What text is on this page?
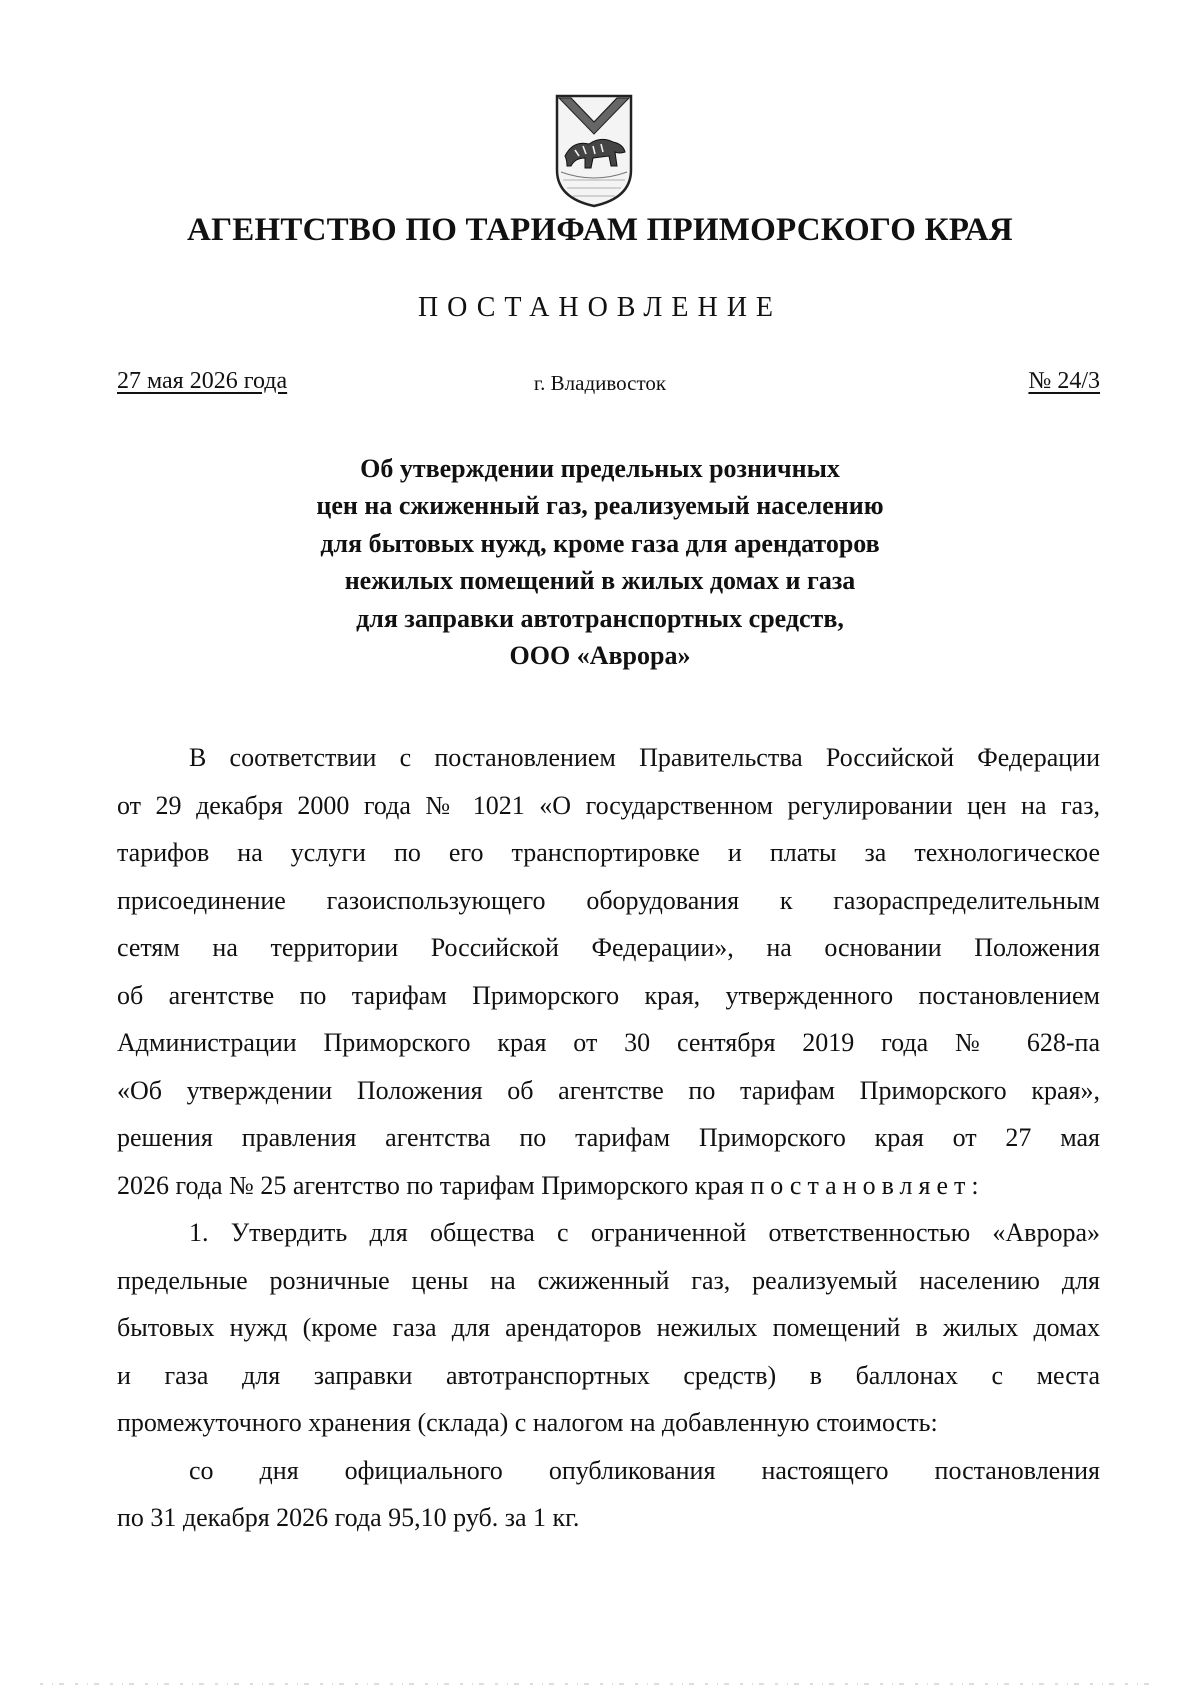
АГЕНТСТВО ПО ТАРИФАМ ПРИМОРСКОГО КРАЯ
ПОСТАНОВЛЕНИЕ
27 мая 2026 года	г. Владивосток	№ 24/3
Об утверждении предельных розничных
цен на сжиженный газ, реализуемый населению
для бытовых нужд, кроме газа для арендаторов
нежилых помещений в жилых домах и газа
для заправки автотранспортных средств,
ООО «Аврора»
В соответствии с постановлением Правительства Российской Федерации
от 29 декабря 2000 года № 1021 «О государственном регулировании цен на газ,
тарифов на услуги по его транспортировке и платы за технологическое
присоединение газоиспользующего оборудования к газораспределительным
сетям на территории Российской Федерации», на основании Положения
об агентстве по тарифам Приморского края, утвержденного постановлением
Администрации Приморского края от 30 сентября 2019 года № 628-па
«Об утверждении Положения об агентстве по тарифам Приморского края»,
решения правления агентства по тарифам Приморского края от 27 мая
2026 года № 25 агентство по тарифам Приморского края постановляет:
1. Утвердить для общества с ограниченной ответственностью «Аврора»
предельные розничные цены на сжиженный газ, реализуемый населению для
бытовых нужд (кроме газа для арендаторов нежилых помещений в жилых домах
и газа для заправки автотранспортных средств) в баллонах с места
промежуточного хранения (склада) с налогом на добавленную стоимость:
со дня официального опубликования настоящего постановления
по 31 декабря 2026 года 95,10 руб. за 1 кг.
